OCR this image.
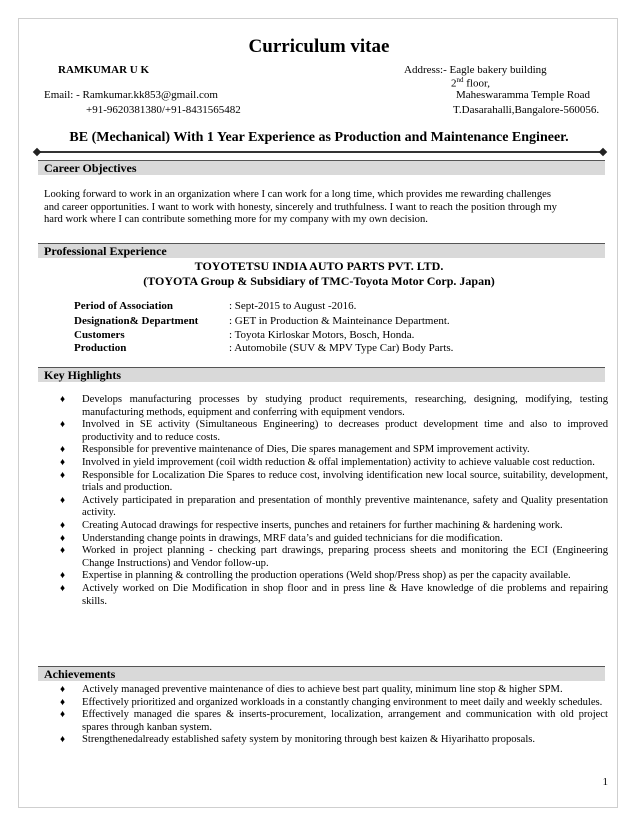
Curriculum vitae
RAMKUMAR U K	Address:- Eagle bakery building
2nd floor,
Email: - Ramkumar.kk853@gmail.com	Maheswaramma Temple Road
+91-9620381380/+91-8431565482	T.Dasarahalli,Bangalore-560056.
BE (Mechanical) With 1 Year Experience as Production and Maintenance Engineer.
Career Objectives
Looking forward to work in an organization where I can work for a long time, which provides me rewarding challenges
and career opportunities. I want to work with honesty, sincerely and truthfulness. I want to reach the position through my
hard work where I can contribute something more for my company with my own decision.
Professional Experience
TOYOTETSU INDIA AUTO PARTS PVT. LTD.
(TOYOTA Group & Subsidiary of TMC-Toyota Motor Corp. Japan)
Period of Association	: Sept-2015 to August -2016.
Designation& Department	: GET in Production & Mainteinance Department.
Customers	: Toyota Kirloskar Motors, Bosch, Honda.
Production	: Automobile (SUV & MPV Type Car) Body Parts.
Key Highlights
♦ Develops manufacturing processes by studying product requirements, researching, designing, modifying, testing manufacturing methods, equipment and conferring with equipment vendors.
♦ Involved in SE activity (Simultaneous Engineering) to decreases product development time and also to improved productivity and to reduce costs.
♦ Responsible for preventive maintenance of Dies, Die spares management and SPM improvement activity.
♦ Involved in yield improvement (coil width reduction & offal implementation) activity to achieve valuable cost reduction.
♦ Responsible for Localization Die Spares to reduce cost, involving identification new local source, suitability, development, trials and production.
♦ Actively participated in preparation and presentation of monthly preventive maintenance, safety and Quality presentation activity.
♦ Creating Autocad drawings for respective inserts, punches and retainers for further machining & hardening work.
♦ Understanding change points in drawings, MRF data’s and guided technicians for die modification.
♦ Worked in project planning - checking part drawings, preparing process sheets and monitoring the ECI (Engineering Change Instructions) and Vendor follow-up.
♦ Expertise in planning & controlling the production operations (Weld shop/Press shop) as per the capacity available.
♦ Actively worked on Die Modification in shop floor and in press line & Have knowledge of die problems and repairing skills.
Achievements
♦ Actively managed preventive maintenance of dies to achieve best part quality, minimum line stop & higher SPM.
♦ Effectively prioritized and organized workloads in a constantly changing environment to meet daily and weekly schedules.
♦ Effectively managed die spares & inserts-procurement, localization, arrangement and communication with old project spares through kanban system.
♦ Strengthenedalready established safety system by monitoring through best kaizen & Hiyarihatto proposals.
1
